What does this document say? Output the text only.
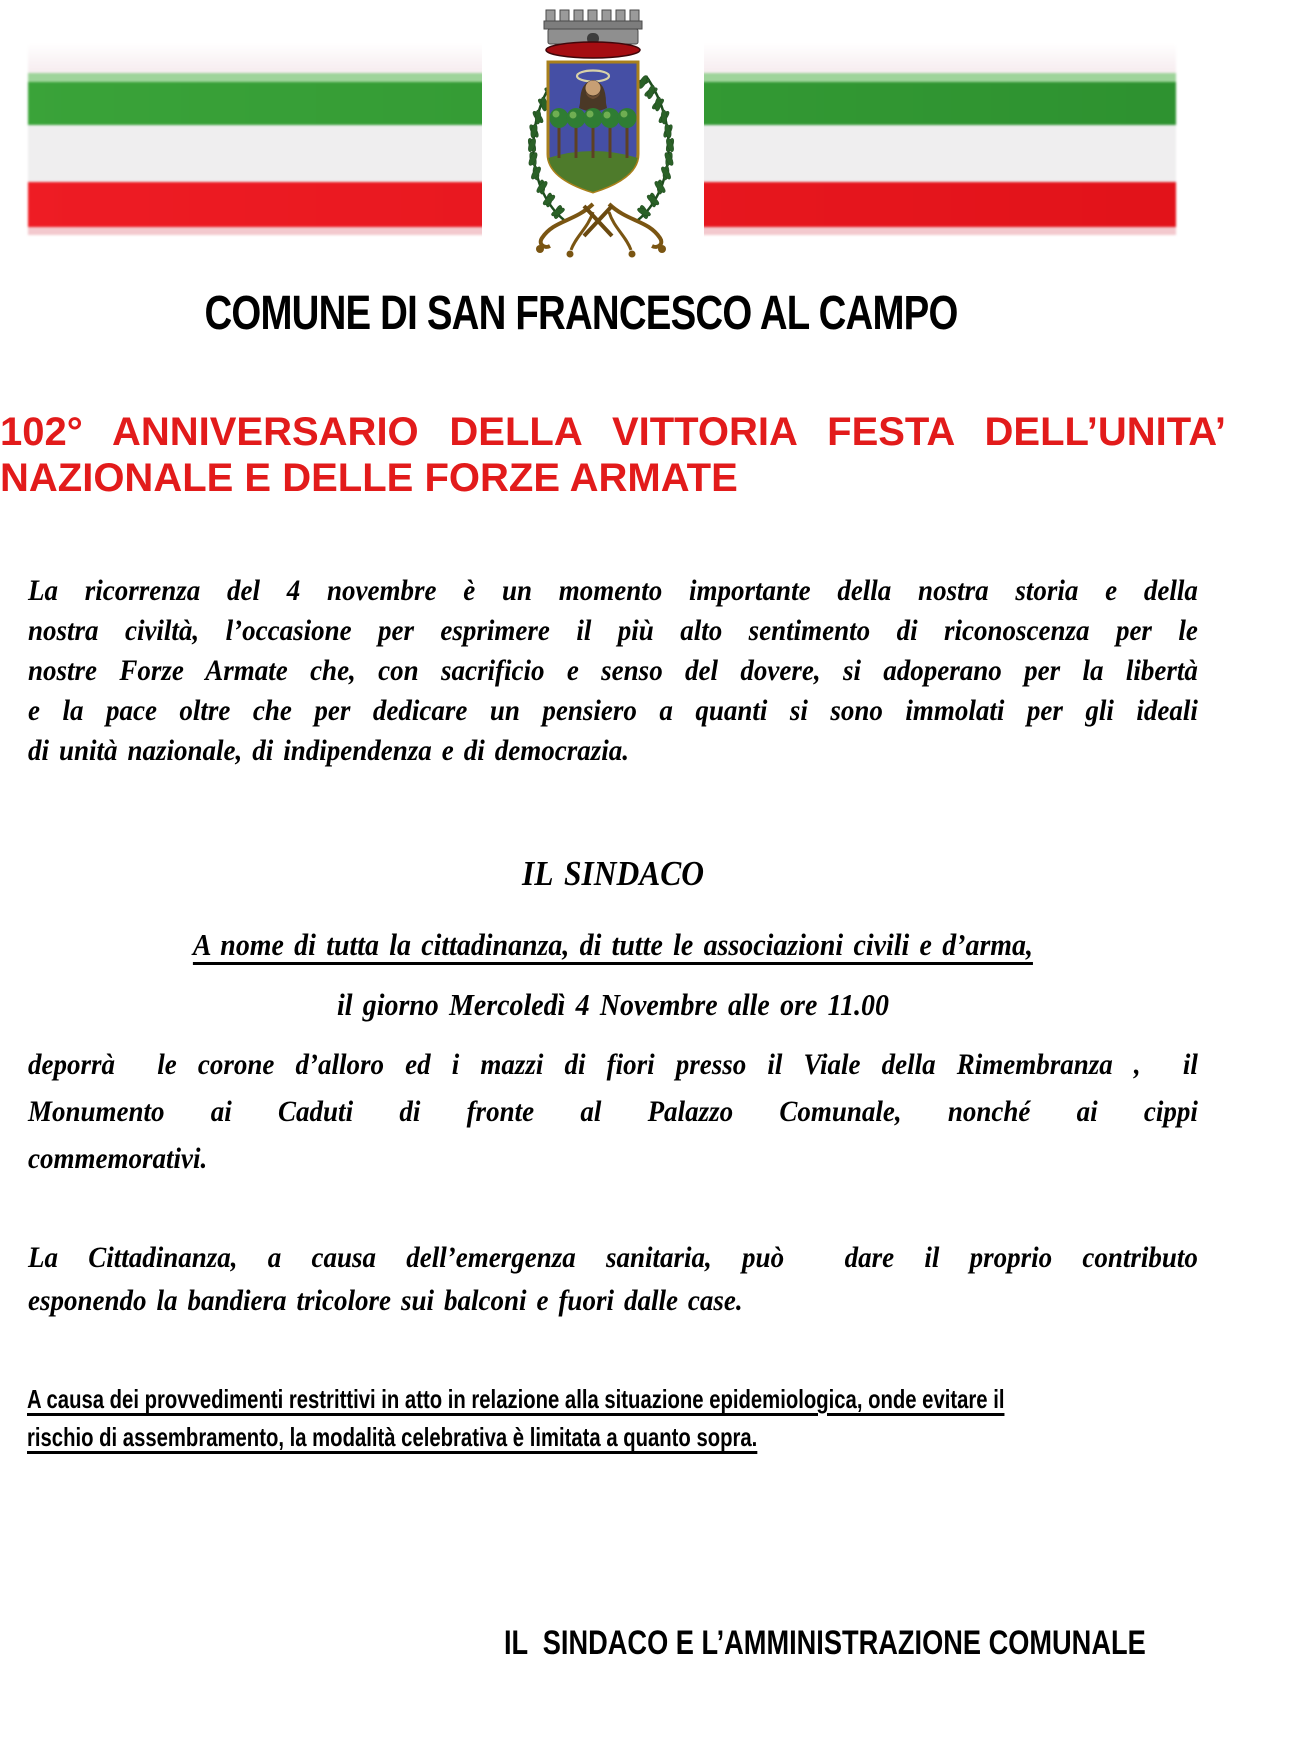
COMUNE DI SAN FRANCESCO AL CAMPO
102° ANNIVERSARIO DELLA VITTORIA FESTA DELL’UNITA’
NAZIONALE E DELLE FORZE ARMATE
La ricorrenza del 4 novembre è un momento importante della nostra storia e della
nostra civiltà, l’occasione per esprimere il più alto sentimento di riconoscenza per le
nostre Forze Armate che, con sacrificio e senso del dovere, si adoperano per la libertà
e la pace oltre che per dedicare un pensiero a quanti si sono immolati per gli ideali
di unità nazionale, di indipendenza e di democrazia.
IL SINDACO
A nome di tutta la cittadinanza, di tutte le associazioni civili e d’arma,
il giorno Mercoledì 4 Novembre alle ore 11.00
deporrà  le corone d’alloro ed i mazzi di fiori presso il Viale della Rimembranza ,  il
Monumento ai Caduti di fronte al Palazzo Comunale, nonché ai cippi
commemorativi.
La Cittadinanza, a causa dell’emergenza sanitaria, può  dare il proprio contributo
esponendo la bandiera tricolore sui balconi e fuori dalle case.
A causa dei provvedimenti restrittivi in atto in relazione alla situazione epidemiologica, onde evitare il
rischio di assembramento, la modalità celebrativa è limitata a quanto sopra.

IL  SINDACO E L’AMMINISTRAZIONE COMUNALE
